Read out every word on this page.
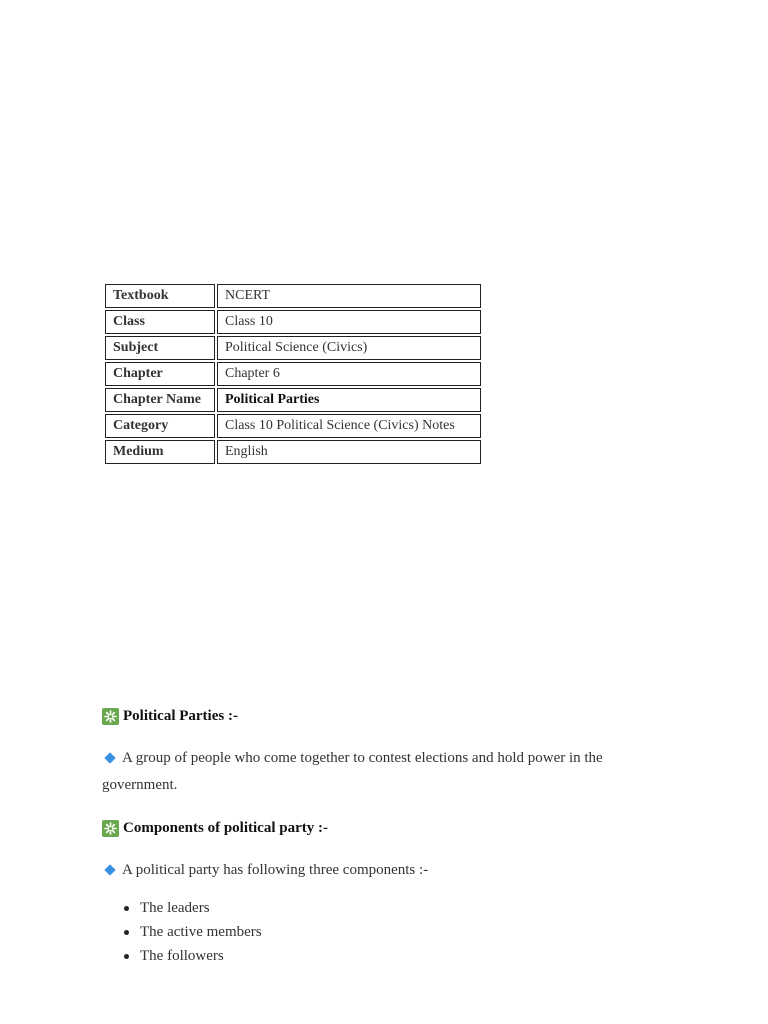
Textbook	NCERT
Class	Class 10
Subject	Political Science (Civics)
Chapter	Chapter 6
Chapter Name	Political Parties
Category	Class 10 Political Science (Civics) Notes
Medium	English
Political Parties :-
A group of people who come together to contest elections and hold power in the government.
Components of political party :-
A political party has following three components :-
The leaders
The active members
The followers
